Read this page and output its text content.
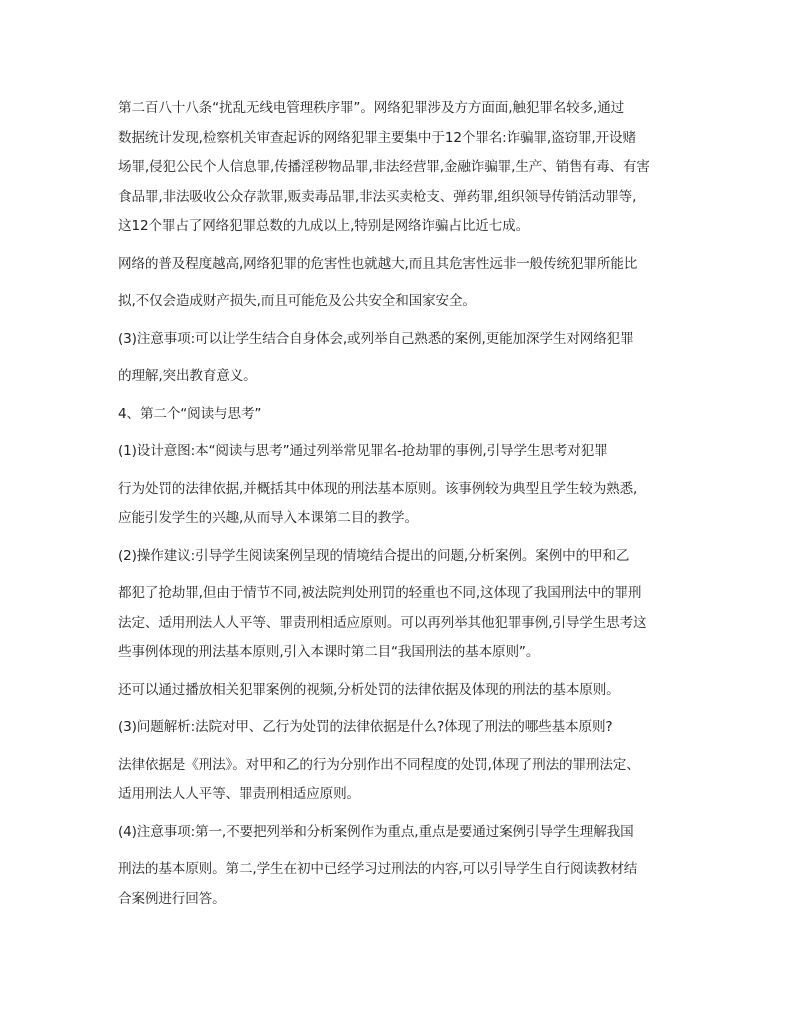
第二百八十八条“扰乱无线电管理秩序罪”。网络犯罪涉及方方面面,触犯罪名较多,通过
数据统计发现,检察机关审查起诉的网络犯罪主要集中于12个罪名:诈骗罪,盗窃罪,开设赌
场罪,侵犯公民个人信息罪,传播淫秽物品罪,非法经营罪,金融诈骗罪,生产、销售有毒、有害
食品罪,非法吸收公众存款罪,贩卖毒品罪,非法买卖枪支、弹药罪,组织领导传销活动罪等,
这12个罪占了网络犯罪总数的九成以上,特别是网络诈骗占比近七成。

网络的普及程度越高,网络犯罪的危害性也就越大,而且其危害性远非一般传统犯罪所能比

拟,不仅会造成财产损失,而且可能危及公共安全和国家安全。

(3)注意事项:可以让学生结合自身体会,或列举自己熟悉的案例,更能加深学生对网络犯罪

的理解,突出教育意义。

4、第二个“阅读与思考”

(1)设计意图:本“阅读与思考”通过列举常见罪名-抢劫罪的事例,引导学生思考对犯罪

行为处罚的法律依据,并概括其中体现的刑法基本原则。该事例较为典型且学生较为熟悉,
应能引发学生的兴趣,从而导入本课第二目的教学。

(2)操作建议:引导学生阅读案例呈现的情境结合提出的问题,分析案例。案例中的甲和乙

都犯了抢劫罪,但由于情节不同,被法院判处刑罚的轻重也不同,这体现了我国刑法中的罪刑
法定、适用刑法人人平等、罪责刑相适应原则。可以再列举其他犯罪事例,引导学生思考这
些事例体现的刑法基本原则,引入本课时第二目“我国刑法的基本原则”。

还可以通过播放相关犯罪案例的视频,分析处罚的法律依据及体现的刑法的基本原则。

(3)问题解析:法院对甲、乙行为处罚的法律依据是什么?体现了刑法的哪些基本原则?

法律依据是《刑法》。对甲和乙的行为分别作出不同程度的处罚,体现了刑法的罪刑法定、
适用刑法人人平等、罪责刑相适应原则。

(4)注意事项:第一,不要把列举和分析案例作为重点,重点是要通过案例引导学生理解我国

刑法的基本原则。第二,学生在初中已经学习过刑法的内容,可以引导学生自行阅读教材结
合案例进行回答。
